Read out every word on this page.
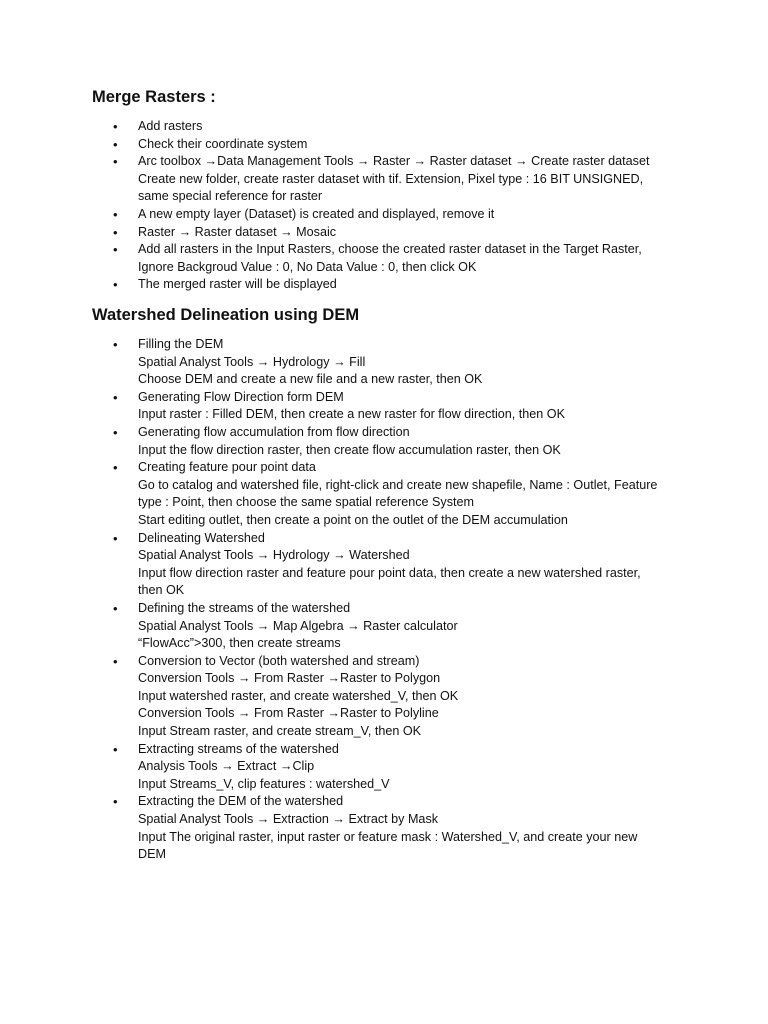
Merge Rasters :
• Add rasters
• Check their coordinate system
• Arc toolbox →Data Management Tools → Raster → Raster dataset → Create raster dataset
Create new folder, create raster dataset with tif. Extension, Pixel type : 16 BIT UNSIGNED,
same special reference for raster
• A new empty layer (Dataset) is created and displayed, remove it
• Raster → Raster dataset → Mosaic
• Add all rasters in the Input Rasters, choose the created raster dataset in the Target Raster,
Ignore Backgroud Value : 0, No Data Value : 0, then click OK
• The merged raster will be displayed
Watershed Delineation using DEM
• Filling the DEM
Spatial Analyst Tools → Hydrology → Fill
Choose DEM and create a new file and a new raster, then OK
• Generating Flow Direction form DEM
Input raster : Filled DEM, then create a new raster for flow direction, then OK
• Generating flow accumulation from flow direction
Input the flow direction raster, then create flow accumulation raster, then OK
• Creating feature pour point data
Go to catalog and watershed file, right-click and create new shapefile, Name : Outlet, Feature
type : Point, then choose the same spatial reference System
Start editing outlet, then create a point on the outlet of the DEM accumulation
• Delineating Watershed
Spatial Analyst Tools → Hydrology → Watershed
Input flow direction raster and feature pour point data, then create a new watershed raster,
then OK
• Defining the streams of the watershed
Spatial Analyst Tools → Map Algebra → Raster calculator
“FlowAcc”>300, then create streams
• Conversion to Vector (both watershed and stream)
Conversion Tools → From Raster →Raster to Polygon
Input watershed raster, and create watershed_V, then OK
Conversion Tools → From Raster →Raster to Polyline
Input Stream raster, and create stream_V, then OK
• Extracting streams of the watershed
Analysis Tools → Extract →Clip
Input Streams_V, clip features : watershed_V
• Extracting the DEM of the watershed
Spatial Analyst Tools → Extraction → Extract by Mask
Input The original raster, input raster or feature mask : Watershed_V, and create your new
DEM
